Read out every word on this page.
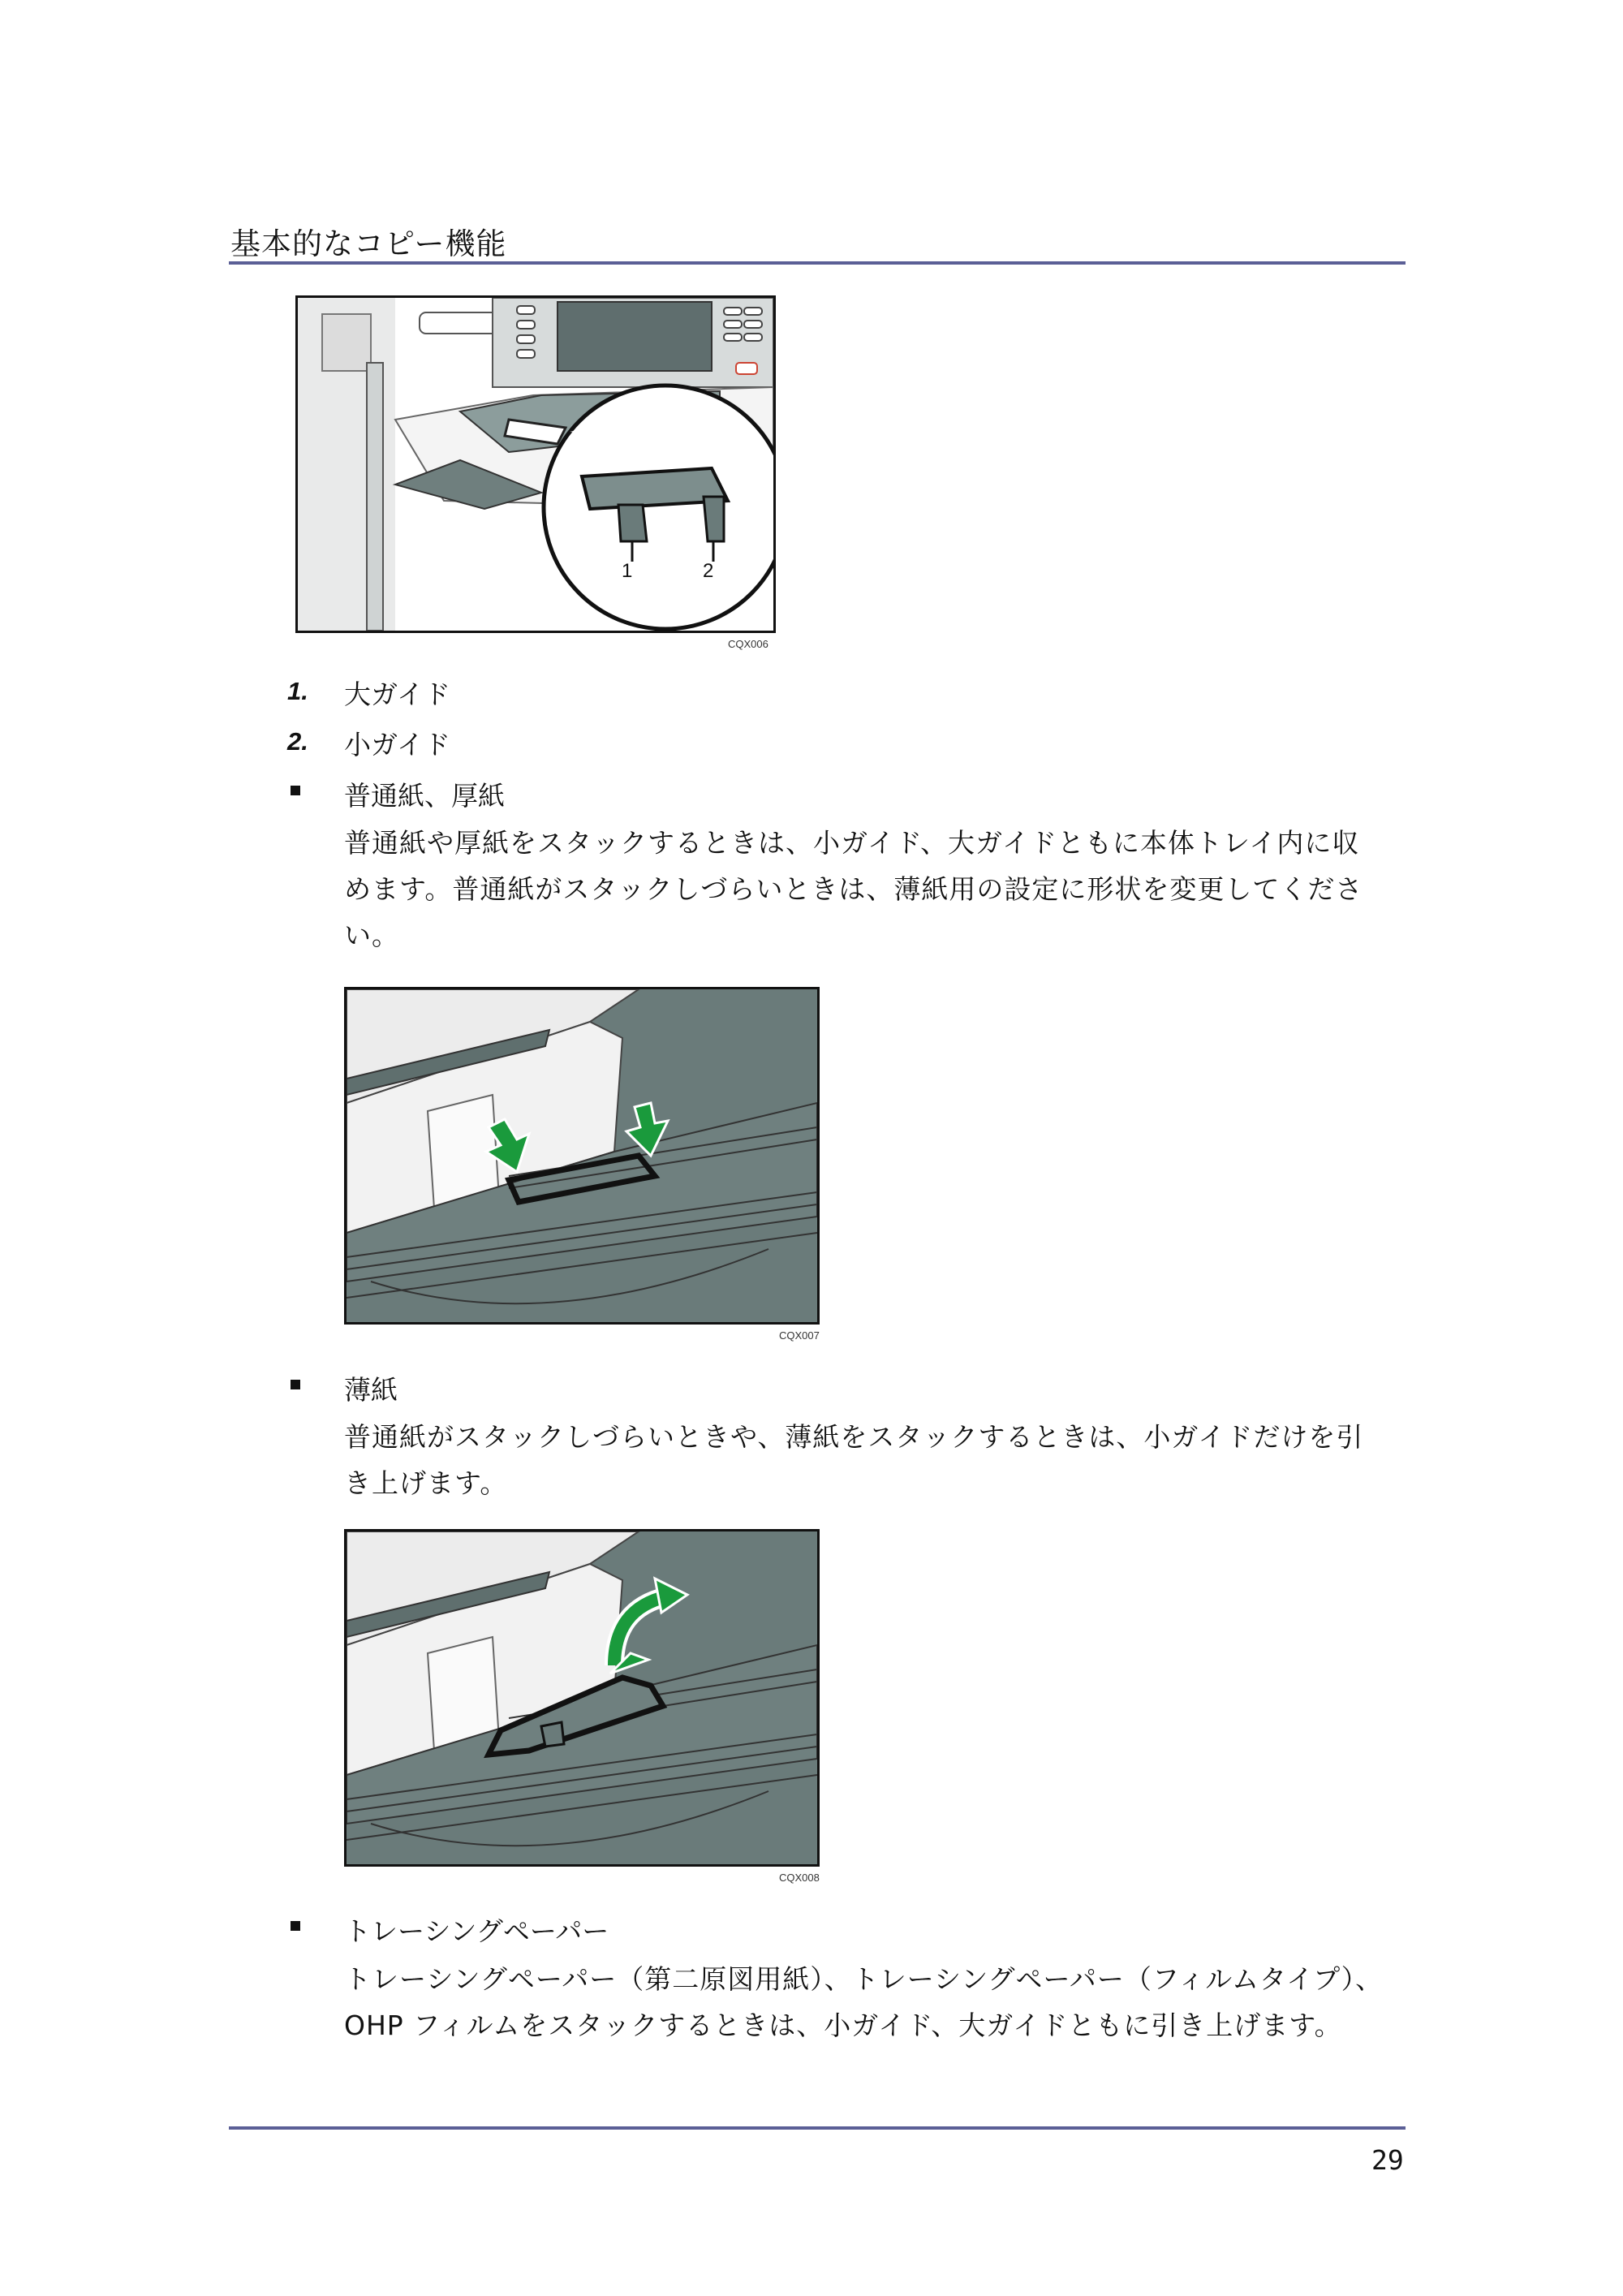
基本的なコピー機能
1	2
CQX006
1. 大ガイド
2. 小ガイド
普通紙、厚紙
普通紙や厚紙をスタックするときは、小ガイド、大ガイドともに本体トレイ内に収
めます。普通紙がスタックしづらいときは、薄紙用の設定に形状を変更してくださ
い。
CQX007
薄紙
普通紙がスタックしづらいときや、薄紙をスタックするときは、小ガイドだけを引
き上げます。
CQX008
トレーシングペーパー
トレーシングペーパー（第二原図用紙）、トレーシングペーパー（フィルムタイプ）、
OHP フィルムをスタックするときは、小ガイド、大ガイドともに引き上げます。
29
